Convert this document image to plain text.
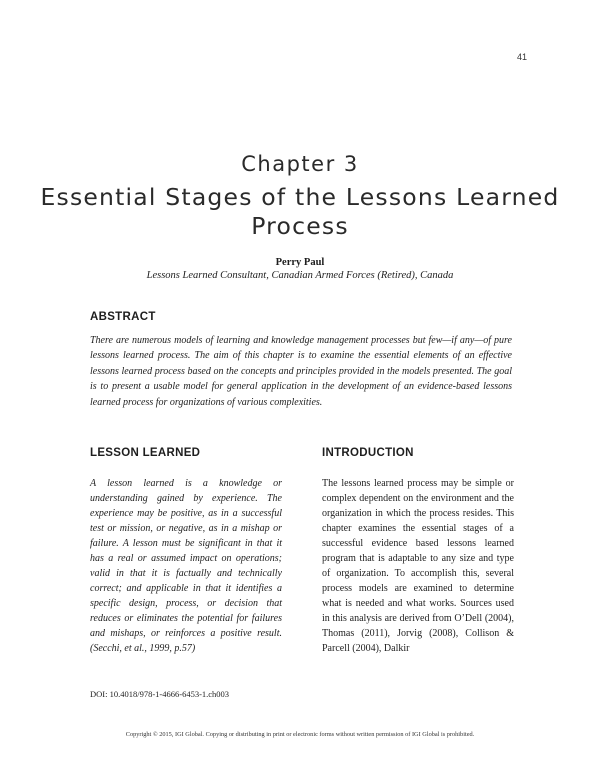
41
Chapter 3
Essential Stages of the Lessons Learned Process
Perry Paul
Lessons Learned Consultant, Canadian Armed Forces (Retired), Canada
ABSTRACT
There are numerous models of learning and knowledge management processes but few—if any—of pure lessons learned process. The aim of this chapter is to examine the essential elements of an effective lessons learned process based on the concepts and principles provided in the models presented. The goal is to present a usable model for general application in the development of an evidence-based lessons learned process for organizations of various complexities.
LESSON LEARNED
A lesson learned is a knowledge or understanding gained by experience. The experience may be positive, as in a successful test or mission, or negative, as in a mishap or failure. A lesson must be significant in that it has a real or assumed impact on operations; valid in that it is factually and technically correct; and applicable in that it identifies a specific design, process, or decision that reduces or eliminates the potential for failures and mishaps, or reinforces a positive result. (Secchi, et al., 1999, p.57)
INTRODUCTION
The lessons learned process may be simple or complex dependent on the environment and the organization in which the process resides. This chapter examines the essential stages of a successful evidence based lessons learned program that is adaptable to any size and type of organization. To accomplish this, several process models are examined to determine what is needed and what works. Sources used in this analysis are derived from O’Dell (2004), Thomas (2011), Jorvig (2008), Collison & Parcell (2004), Dalkir
DOI: 10.4018/978-1-4666-6453-1.ch003
Copyright © 2015, IGI Global. Copying or distributing in print or electronic forms without written permission of IGI Global is prohibited.
